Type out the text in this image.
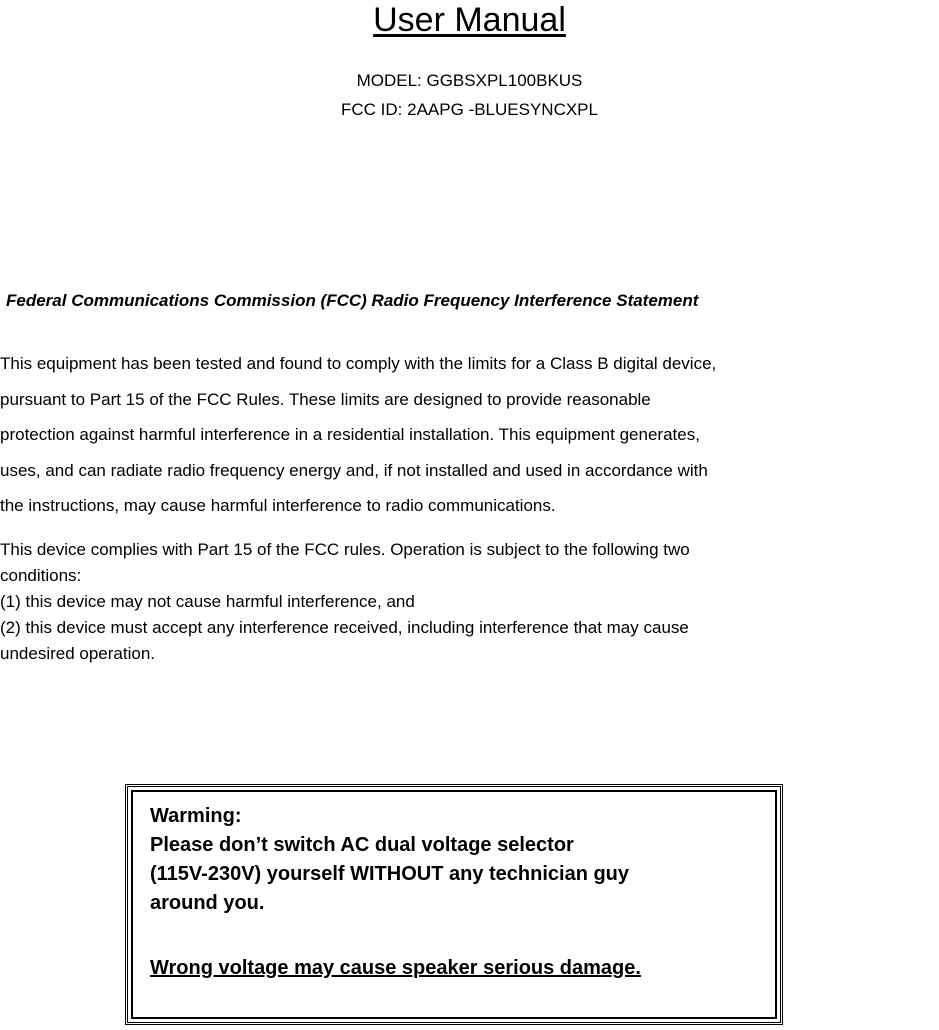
User Manual
MODEL: GGBSXPL100BKUS
FCC ID: 2AAPG -BLUESYNCXPL
Federal Communications Commission (FCC) Radio Frequency Interference Statement
This equipment has been tested and found to comply with the limits for a Class B digital device,
pursuant to Part 15 of the FCC Rules. These limits are designed to provide reasonable
protection against harmful interference in a residential installation. This equipment generates,
uses, and can radiate radio frequency energy and, if not installed and used in accordance with
the instructions, may cause harmful interference to radio communications.
This device complies with Part 15 of the FCC rules. Operation is subject to the following two
conditions:
(1) this device may not cause harmful interference, and
(2) this device must accept any interference received, including interference that may cause
undesired operation.
Warming:
Please don’t switch AC dual voltage selector
(115V-230V) yourself WITHOUT any technician guy
around you.
Wrong voltage may cause speaker serious damage.
